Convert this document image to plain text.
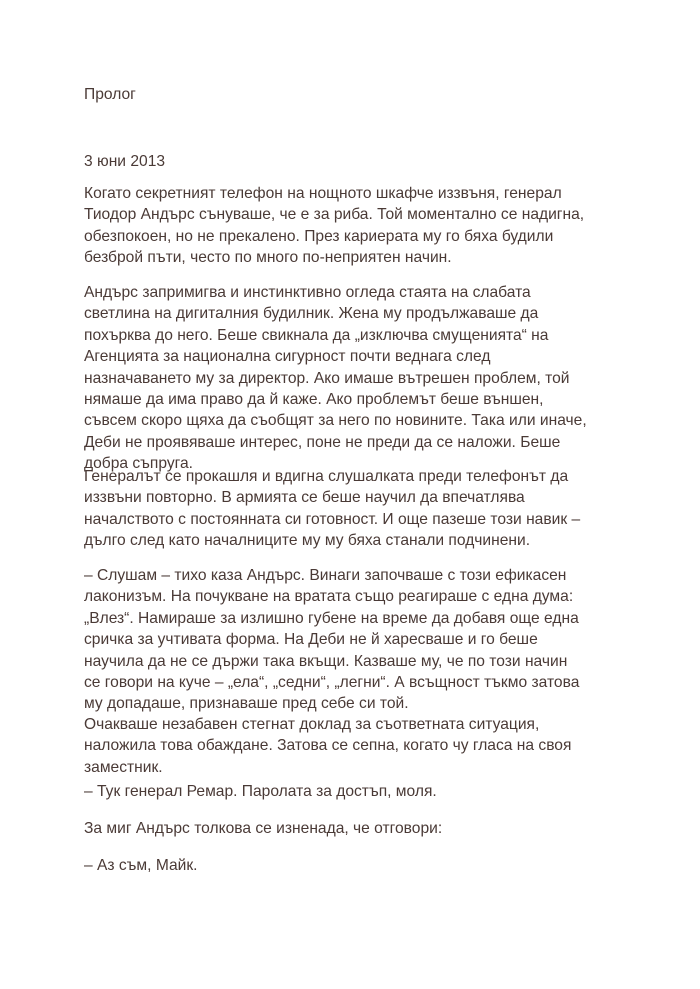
Пролог
3 юни 2013
Когато секретният телефон на нощното шкафче иззвъня, генерал
Тиодор Андърс сънуваше, че е за риба. Той моментално се надигна,
обезпокоен, но не прекалено. През кариерата му го бяха будили
безброй пъти, често по много по-неприятен начин.
Андърс запримигва и инстинктивно огледа стаята на слабата
светлина на дигиталния будилник. Жена му продължаваше да
похърква до него. Беше свикнала да „изключва смущенията“ на
Агенцията за национална сигурност почти веднага след
назначаването му за директор. Ако имаше вътрешен проблем, той
нямаше да има право да й каже. Ако проблемът беше външен,
съвсем скоро щяха да съобщят за него по новините. Така или иначе,
Деби не проявяваше интерес, поне не преди да се наложи. Беше
добра съпруга.
Генералът се прокашля и вдигна слушалката преди телефонът да
иззвъни повторно. В армията се беше научил да впечатлява
началството с постоянната си готовност. И още пазеше този навик –
дълго след като началниците му му бяха станали подчинени.
– Слушам – тихо каза Андърс. Винаги започваше с този ефикасен
лаконизъм. На почукване на вратата също реагираше с една дума:
„Влез“. Намираше за излишно губене на време да добавя още една
сричка за учтивата форма. На Деби не й харесваше и го беше
научила да не се държи така вкъщи. Казваше му, че по този начин
се говори на куче – „ела“, „седни“, „легни“. А всъщност тъкмо затова
му допадаше, признаваше пред себе си той.
Очакваше незабавен стегнат доклад за съответната ситуация,
наложила това обаждане. Затова се сепна, когато чу гласа на своя
заместник.
– Тук генерал Ремар. Паролата за достъп, моля.
За миг Андърс толкова се изненада, че отговори:
– Аз съм, Майк.
